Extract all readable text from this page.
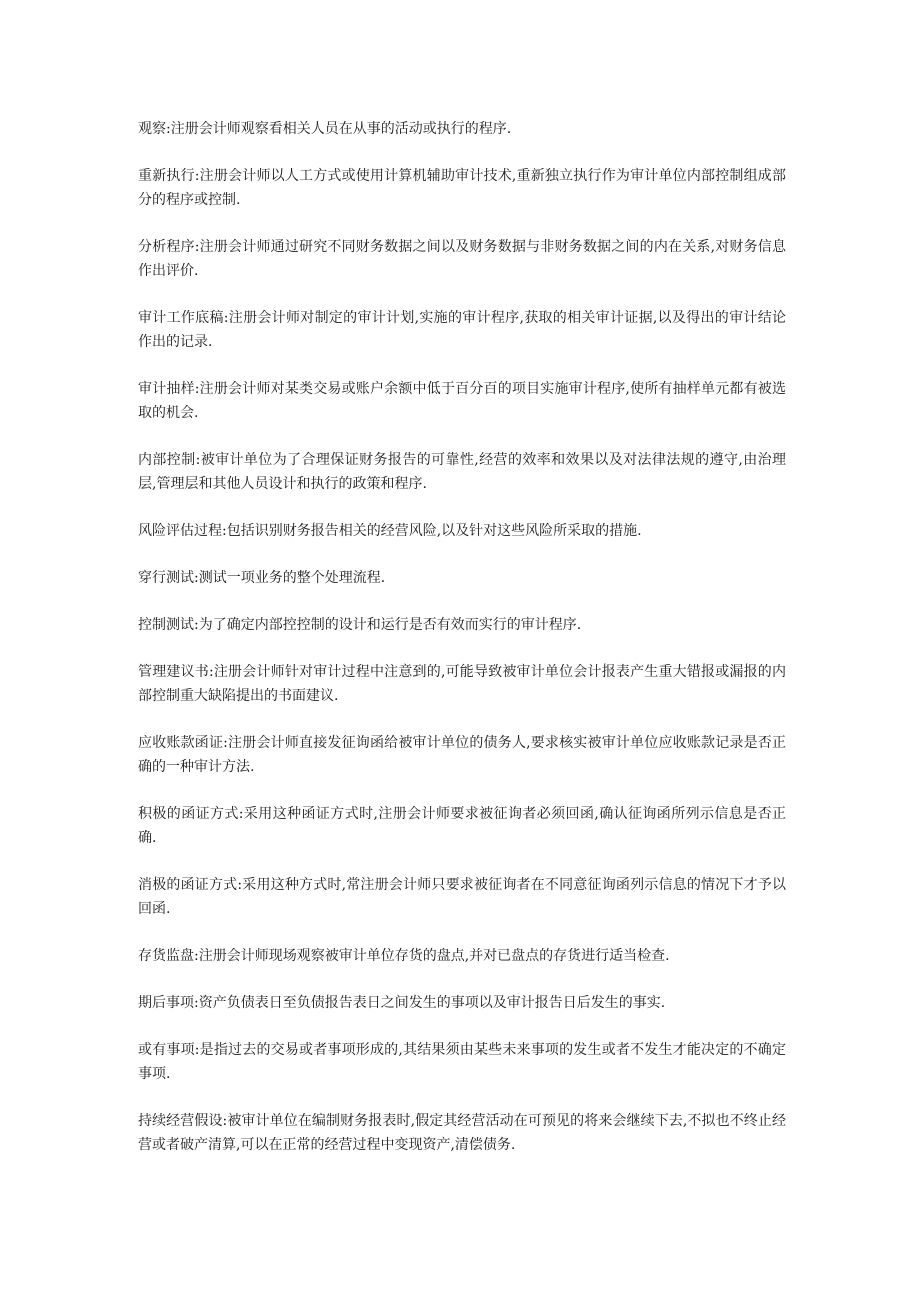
观察:注册会计师观察看相关人员在从事的活动或执行的程序.
重新执行:注册会计师以人工方式或使用计算机辅助审计技术,重新独立执行作为审计单位内部控制组成部分的程序或控制.
分析程序:注册会计师通过研究不同财务数据之间以及财务数据与非财务数据之间的内在关系,对财务信息作出评价.
审计工作底稿:注册会计师对制定的审计计划,实施的审计程序,获取的相关审计证据,以及得出的审计结论作出的记录.
审计抽样:注册会计师对某类交易或账户余额中低于百分百的项目实施审计程序,使所有抽样单元都有被选取的机会.
内部控制:被审计单位为了合理保证财务报告的可靠性,经营的效率和效果以及对法律法规的遵守,由治理层,管理层和其他人员设计和执行的政策和程序.
风险评估过程:包括识别财务报告相关的经营风险,以及针对这些风险所采取的措施.
穿行测试:测试一项业务的整个处理流程.
控制测试:为了确定内部控控制的设计和运行是否有效而实行的审计程序.
管理建议书:注册会计师针对审计过程中注意到的,可能导致被审计单位会计报表产生重大错报或漏报的内部控制重大缺陷提出的书面建议.
应收账款函证:注册会计师直接发征询函给被审计单位的债务人,要求核实被审计单位应收账款记录是否正确的一种审计方法.
积极的函证方式:采用这种函证方式时,注册会计师要求被征询者必须回函,确认征询函所列示信息是否正确.
消极的函证方式:采用这种方式时,常注册会计师只要求被征询者在不同意征询函列示信息的情况下才予以回函.
存货监盘:注册会计师现场观察被审计单位存货的盘点,并对已盘点的存货进行适当检查.
期后事项:资产负债表日至负债报告表日之间发生的事项以及审计报告日后发生的事实.
或有事项:是指过去的交易或者事项形成的,其结果须由某些未来事项的发生或者不发生才能决定的不确定事项.
持续经营假设:被审计单位在编制财务报表时,假定其经营活动在可预见的将来会继续下去,不拟也不终止经营或者破产清算,可以在正常的经营过程中变现资产,清偿债务.
